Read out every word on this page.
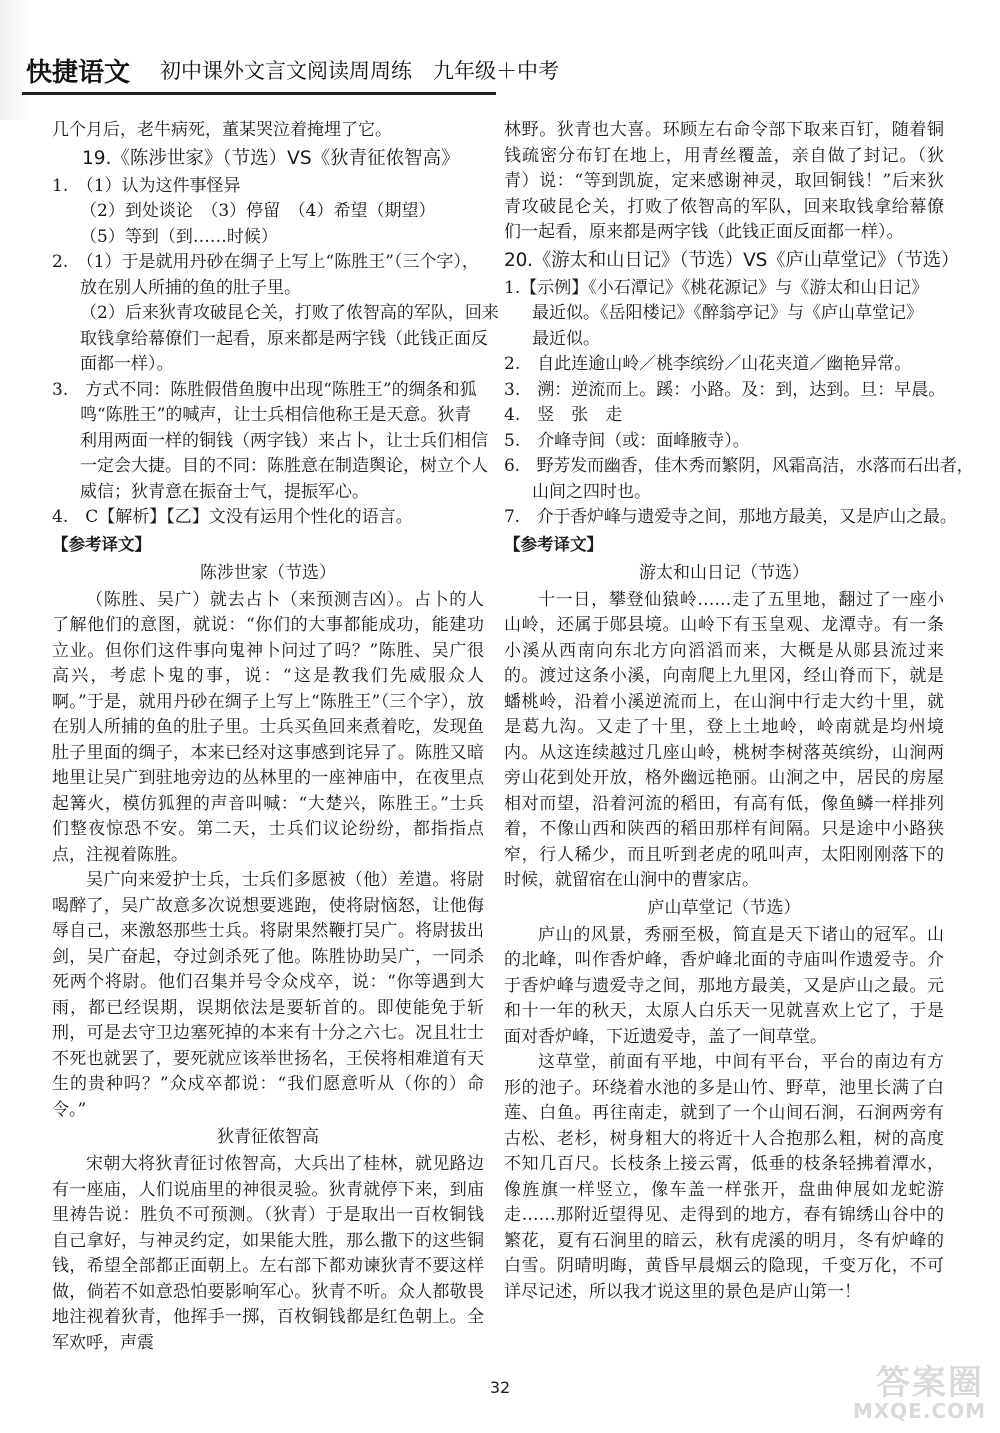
快捷语文 初中课外文言文阅读周周练　九年级＋中考
几个月后，老牛病死，董某哭泣着掩埋了它。
19.《陈涉世家》（节选）VS《狄青征侬智高》
1.　（1）认为这件事怪异
（2）到处谈论　（3）停留　（4）希望（期望）
（5）等到（到……时候）
2.　（1）于是就用丹砂在绸子上写上“陈胜王”（三个字），
放在别人所捕的鱼的肚子里。
（2）后来狄青攻破昆仑关，打败了侬智高的军队，回来
取钱拿给幕僚们一起看，原来都是两字钱（此钱正面反
面都一样）。
3.　方式不同：陈胜假借鱼腹中出现“陈胜王”的绸条和狐
鸣“陈胜王”的喊声，让士兵相信他称王是天意。狄青
利用两面一样的铜钱（两字钱）来占卜，让士兵们相信
一定会大捷。目的不同：陈胜意在制造舆论，树立个人
威信；狄青意在振奋士气，提振军心。
4.　C【解析】【乙】文没有运用个性化的语言。
【参考译文】
陈涉世家（节选）
（陈胜、吴广）就去占卜（来预测吉凶）。占卜的人了解他们的意图，就说：“你们的大事都能成功，能建功立业。但你们这件事向鬼神卜问过了吗？”陈胜、吴广很高兴，考虑卜鬼的事，说：“这是教我们先威服众人啊。”于是，就用丹砂在绸子上写上“陈胜王”（三个字），放在别人所捕的鱼的肚子里。士兵买鱼回来煮着吃，发现鱼肚子里面的绸子，本来已经对这事感到诧异了。陈胜又暗地里让吴广到驻地旁边的丛林里的一座神庙中，在夜里点起篝火，模仿狐狸的声音叫喊：“大楚兴，陈胜王。”士兵们整夜惊恐不安。第二天，士兵们议论纷纷，都指指点点，注视着陈胜。
吴广向来爱护士兵，士兵们多愿被（他）差遣。将尉喝醉了，吴广故意多次说想要逃跑，使将尉恼怒，让他侮辱自己，来激怒那些士兵。将尉果然鞭打吴广。将尉拔出剑，吴广奋起，夺过剑杀死了他。陈胜协助吴广，一同杀死两个将尉。他们召集并号令众戍卒，说：“你等遇到大雨，都已经误期，误期依法是要斩首的。即使能免于斩刑，可是去守卫边塞死掉的本来有十分之六七。况且壮士不死也就罢了，要死就应该举世扬名，王侯将相难道有天生的贵种吗？”众戍卒都说：“我们愿意听从（你的）命令。”
狄青征侬智高
宋朝大将狄青征讨侬智高，大兵出了桂林，就见路边有一座庙，人们说庙里的神很灵验。狄青就停下来，到庙里祷告说：胜负不可预测。（狄青）于是取出一百枚铜钱自己拿好，与神灵约定，如果能大胜，那么撒下的这些铜钱，希望全部都正面朝上。左右部下都劝谏狄青不要这样做，倘若不如意恐怕要影响军心。狄青不听。众人都敬畏地注视着狄青，他挥手一掷，百枚铜钱都是红色朝上。全军欢呼，声震
林野。狄青也大喜。环顾左右命令部下取来百钉，随着铜钱疏密分布钉在地上，用青丝覆盖，亲自做了封记。（狄青）说：“等到凯旋，定来感谢神灵，取回铜钱！”后来狄青攻破昆仑关，打败了侬智高的军队，回来取钱拿给幕僚们一起看，原来都是两字钱（此钱正面反面都一样）。
20.《游太和山日记》（节选）VS《庐山草堂记》（节选）
1.【示例】《小石潭记》《桃花源记》与《游太和山日记》
最近似。《岳阳楼记》《醉翁亭记》与《庐山草堂记》
最近似。
2.　自此连逾山岭／桃李缤纷／山花夹道／幽艳异常。
3.　溯：逆流而上。蹊：小路。及：到，达到。旦：早晨。
4.　竖　张　走
5.　介峰寺间（或：面峰腋寺）。
6.　野芳发而幽香，佳木秀而繁阴，风霜高洁，水落而石出者，
山间之四时也。
7.　介于香炉峰与遗爱寺之间，那地方最美，又是庐山之最。
【参考译文】
游太和山日记（节选）
十一日，攀登仙猿岭……走了五里地，翻过了一座小山岭，还属于郧县境。山岭下有玉皇观、龙潭寺。有一条小溪从西南向东北方向滔滔而来，大概是从郧县流过来的。渡过这条小溪，向南爬上九里冈，经山脊而下，就是蟠桃岭，沿着小溪逆流而上，在山涧中行走大约十里，就是葛九沟。又走了十里，登上土地岭，岭南就是均州境内。从这连续越过几座山岭，桃树李树落英缤纷，山涧两旁山花到处开放，格外幽远艳丽。山涧之中，居民的房屋相对而望，沿着河流的稻田，有高有低，像鱼鳞一样排列着，不像山西和陕西的稻田那样有间隔。只是途中小路狭窄，行人稀少，而且听到老虎的吼叫声，太阳刚刚落下的时候，就留宿在山涧中的曹家店。
庐山草堂记（节选）
庐山的风景，秀丽至极，简直是天下诸山的冠军。山的北峰，叫作香炉峰，香炉峰北面的寺庙叫作遗爱寺。介于香炉峰与遗爱寺之间，那地方最美，又是庐山之最。元和十一年的秋天，太原人白乐天一见就喜欢上它了，于是面对香炉峰，下近遗爱寺，盖了一间草堂。
这草堂，前面有平地，中间有平台，平台的南边有方形的池子。环绕着水池的多是山竹、野草，池里长满了白莲、白鱼。再往南走，就到了一个山间石涧，石涧两旁有古松、老杉，树身粗大的将近十人合抱那么粗，树的高度不知几百尺。长枝条上接云霄，低垂的枝条轻拂着潭水，像旌旗一样竖立，像车盖一样张开，盘曲伸展如龙蛇游走……那附近望得见、走得到的地方，春有锦绣山谷中的繁花，夏有石涧里的暗云，秋有虎溪的明月，冬有炉峰的白雪。阴晴明晦，黄昏早晨烟云的隐现，千变万化，不可详尽记述，所以我才说这里的景色是庐山第一！
32	答案圈
MXQE.COM
